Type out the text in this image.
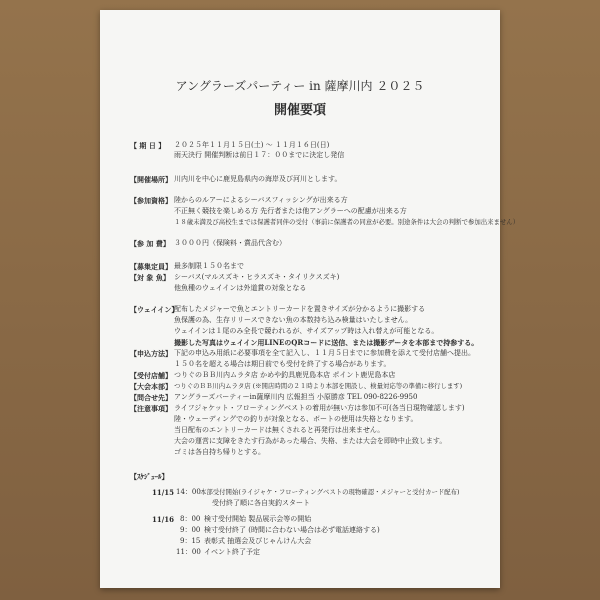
アングラーズパーティー in 薩摩川内 ２０２５
開催要項
【 期 日 】 ２０２５年１１月１５日(土) 〜 １１月１６日(日)
雨天決行 開催判断は前日１７：００までに決定し発信
【開催場所】 川内川を中心に鹿児島県内の海岸及び河川とします。
【参加資格】 陸からのルアーによるシーバスフィッシングが出来る方
不正無く競技を楽しめる方 先行者または他アングラーへの配慮が出来る方
１８歳未満及び高校生までは保護者同伴の受付（事前に保護者の同意が必要。別途条件は大会の判断で参加出来ません）
【参 加 費】 ３０００円（保険料・賞品代含む）
【募集定員】 最多制限１５０名まで
【対 象 魚】 シーバス(マルスズキ・ヒラスズキ・タイリクスズキ)
他魚種のウェイインは外道賞の対象となる
【ウェイイン】
配布したメジャーで魚とエントリーカードを置きサイズが分かるように撮影する
魚保護の為、生存リリースできない魚の本数持ち込み検量はいたしません。
ウェイインは１尾のみ全長で競われるが、サイズアップ時は入れ替えが可能となる。
撮影した写真はウェイイン用LINEのQRコードに送信、または撮影データを本部まで持参する。
【申込方法】 下記の申込み用紙に必要事項を全て記入し、１１月５日までに参加費を添えて受付店舗へ提出。
１５０名を超える場合は期日前でも受付を終了する場合があります。
【受付店舗】 つりぐのＢＢ川内ムラタ店 かめや釣具鹿児島本店 ポイント鹿児島本店
【大会本部】 つりぐのＢＢ川内ムラタ店 (※開店時間の２１時より本部を開設し、検量対応等の準備に移行します)
【問合せ先】 アングラーズパーティーin薩摩川内 広報担当 小原勝彦 TEL 090-8226-9950
【注意事項】 ライフジャケット・フローティングベストの着用が無い方は参加不可(各当日現物確認します)
陸・ウェーディングでの釣りが対象となる、ボートの使用は失格となります。
当日配布のエントリーカードは無くされると再発行は出来ません。
大会の運営に支障をきたす行為があった場合、失格、または大会を即時中止致します。
ゴミは各自持ち帰りとする。
【ｽｹｼﾞｭｰﾙ】
11/15 14：00 本部受付開始(ライジャケ・フローティングベストの現物確認・メジャーと受付カード配布)
受付終了順に各自実釣スタート
11/16 8：00 検寸受付開始 製品展示会等の開始
9：00 検寸受付終了 (時間に合わない場合は必ず電話連絡する)
9：15 表彰式 抽選会及びじゃんけん大会
11：00 イベント終了予定
